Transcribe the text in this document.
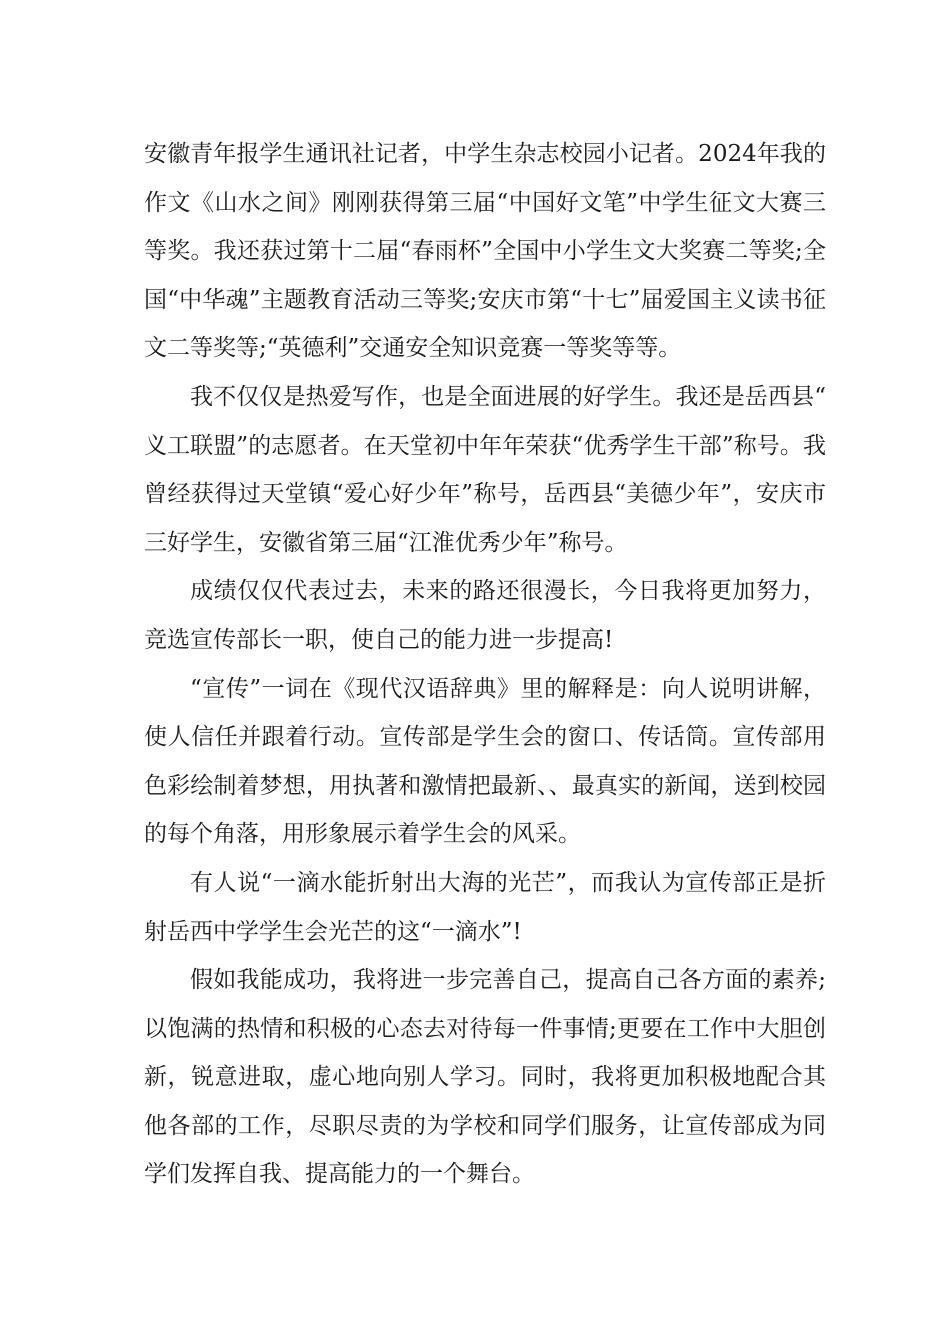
安徽青年报学生通讯社记者，中学生杂志校园小记者。2024年我的作文《山水之间》刚刚获得第三届“中国好文笔”中学生征文大赛三等奖。我还获过第十二届“春雨杯”全国中小学生文大奖赛二等奖;全国“中华魂”主题教育活动三等奖;安庆市第“十七”届爱国主义读书征文二等奖等;“英德利”交通安全知识竞赛一等奖等等。

我不仅仅是热爱写作，也是全面进展的好学生。我还是岳西县“义工联盟”的志愿者。在天堂初中年年荣获“优秀学生干部”称号。我曾经获得过天堂镇“爱心好少年”称号，岳西县“美德少年”，安庆市三好学生，安徽省第三届“江淮优秀少年”称号。

成绩仅仅代表过去，未来的路还很漫长，今日我将更加努力，竞选宣传部长一职，使自己的能力进一步提高!

“宣传”一词在《现代汉语辞典》里的解释是：向人说明讲解，使人信任并跟着行动。宣传部是学生会的窗口、传话筒。宣传部用色彩绘制着梦想，用执著和激情把最新、、最真实的新闻，送到校园的每个角落，用形象展示着学生会的风采。

有人说“一滴水能折射出大海的光芒”，而我认为宣传部正是折射岳西中学学生会光芒的这“一滴水”!

假如我能成功，我将进一步完善自己，提高自己各方面的素养;以饱满的热情和积极的心态去对待每一件事情;更要在工作中大胆创新，锐意进取，虚心地向别人学习。同时，我将更加积极地配合其他各部的工作，尽职尽责的为学校和同学们服务，让宣传部成为同学们发挥自我、提高能力的一个舞台。
